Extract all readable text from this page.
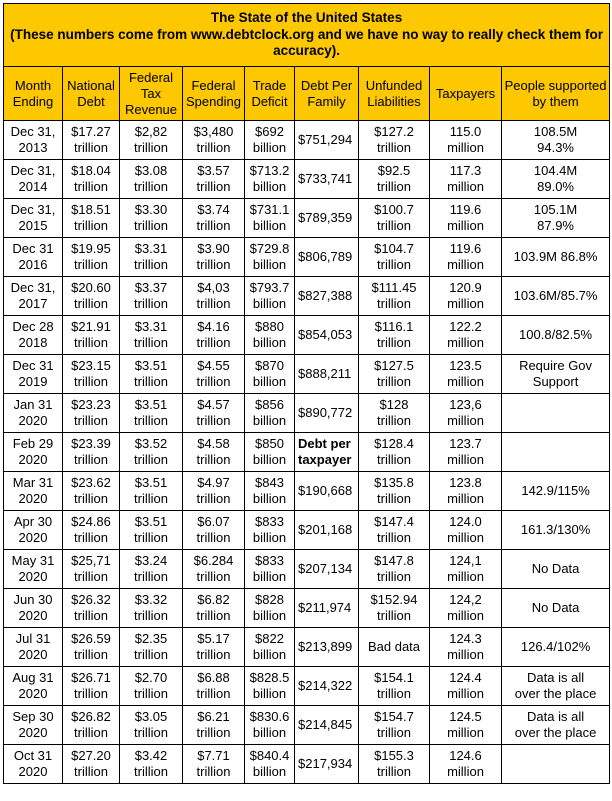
The State of the United States
(These numbers come from www.debtclock.org and we have no way to really check them for accuracy).								

Month Ending	National Debt	Federal Tax Revenue	Federal Spending	Trade Deficit	Debt Per Family	Unfunded Liabilities	Taxpayers	People supported by them

Dec 31,
2013	$17.27
trillion	$2,82
trillion	$3,480
trillion	$692
billion	$751,294	$127.2
trillion	115.0
million	108.5M
94.3%

Dec 31,
2014	$18.04
trillion	$3.08
trillion	$3.57
trillion	$713.2
billion	$733,741	$92.5
trillion	117.3
million	104.4M
89.0%

Dec 31,
2015	$18.51
trillion	$3.30
trillion	$3.74
trillion	$731.1
billion	$789,359	$100.7
trillion	119.6
million	105.1M
87.9%

Dec 31
2016	$19.95
trillion	$3.31
trillion	$3.90
trillion	$729.8
billion	$806,789	$104.7
trillion	119.6
million	103.9M 86.8%

Dec 31,
2017	$20.60
trillion	$3.37
trillion	$4,03
trillion	$793.7
billion	$827,388	$111.45
trillion	120.9
million	103.6M/85.7%

Dec 28
2018	$21.91
trillion	$3.31
trillion	$4.16
trillion	$880
billion	$854,053	$116.1
trillion	122.2
million	100.8/82.5%

Dec 31
2019	$23.15
trillion	$3.51
trillion	$4.55
trillion	$870
billion	$888,211	$127.5
trillion	123.5
million	Require Gov
Support

Jan 31
2020	$23.23
trillion	$3.51
trillion	$4.57
trillion	$856
billion	$890,772	$128
trillion	123,6
million	

Feb 29
2020	$23.39
trillion	$3.52
trillion	$4.58
trillion	$850
billion	Debt per
taxpayer	$128.4
trillion	123.7
million	

Mar 31
2020	$23.62
trillion	$3.51
trillion	$4.97
trillion	$843
billion	$190,668	$135.8
trillion	123.8
million	142.9/115%

Apr 30
2020	$24.86
trillion	$3.51
trillion	$6.07
trillion	$833
billion	$201,168	$147.4
trillion	124.0
million	161.3/130%

May 31
2020	$25,71
trillion	$3.24
trillion	$6.284
trillion	$833
billion	$207,134	$147.8
trillion	124,1
million	No Data

Jun 30
2020	$26.32
trillion	$3.32
trillion	$6.82
trillion	$828
billion	$211,974	$152.94
trillion	124,2
million	No Data

Jul 31
2020	$26.59
trillion	$2.35
trillion	$5.17
trillion	$822
billion	$213,899	Bad data	124.3
million	126.4/102%

Aug 31
2020	$26.71
trillion	$2.70
trillion	$6.88
trillion	$828.5
billion	$214,322	$154.1
trillion	124.4
million	Data is all
over the place

Sep 30
2020	$26.82
trillion	$3.05
trillion	$6.21
trillion	$830.6
billion	$214,845	$154.7
trillion	124.5
million	Data is all
over the place

Oct 31
2020	$27.20
trillion	$3.42
trillion	$7.71
trillion	$840.4
billion	$217,934	$155.3
trillion	124.6
million	
